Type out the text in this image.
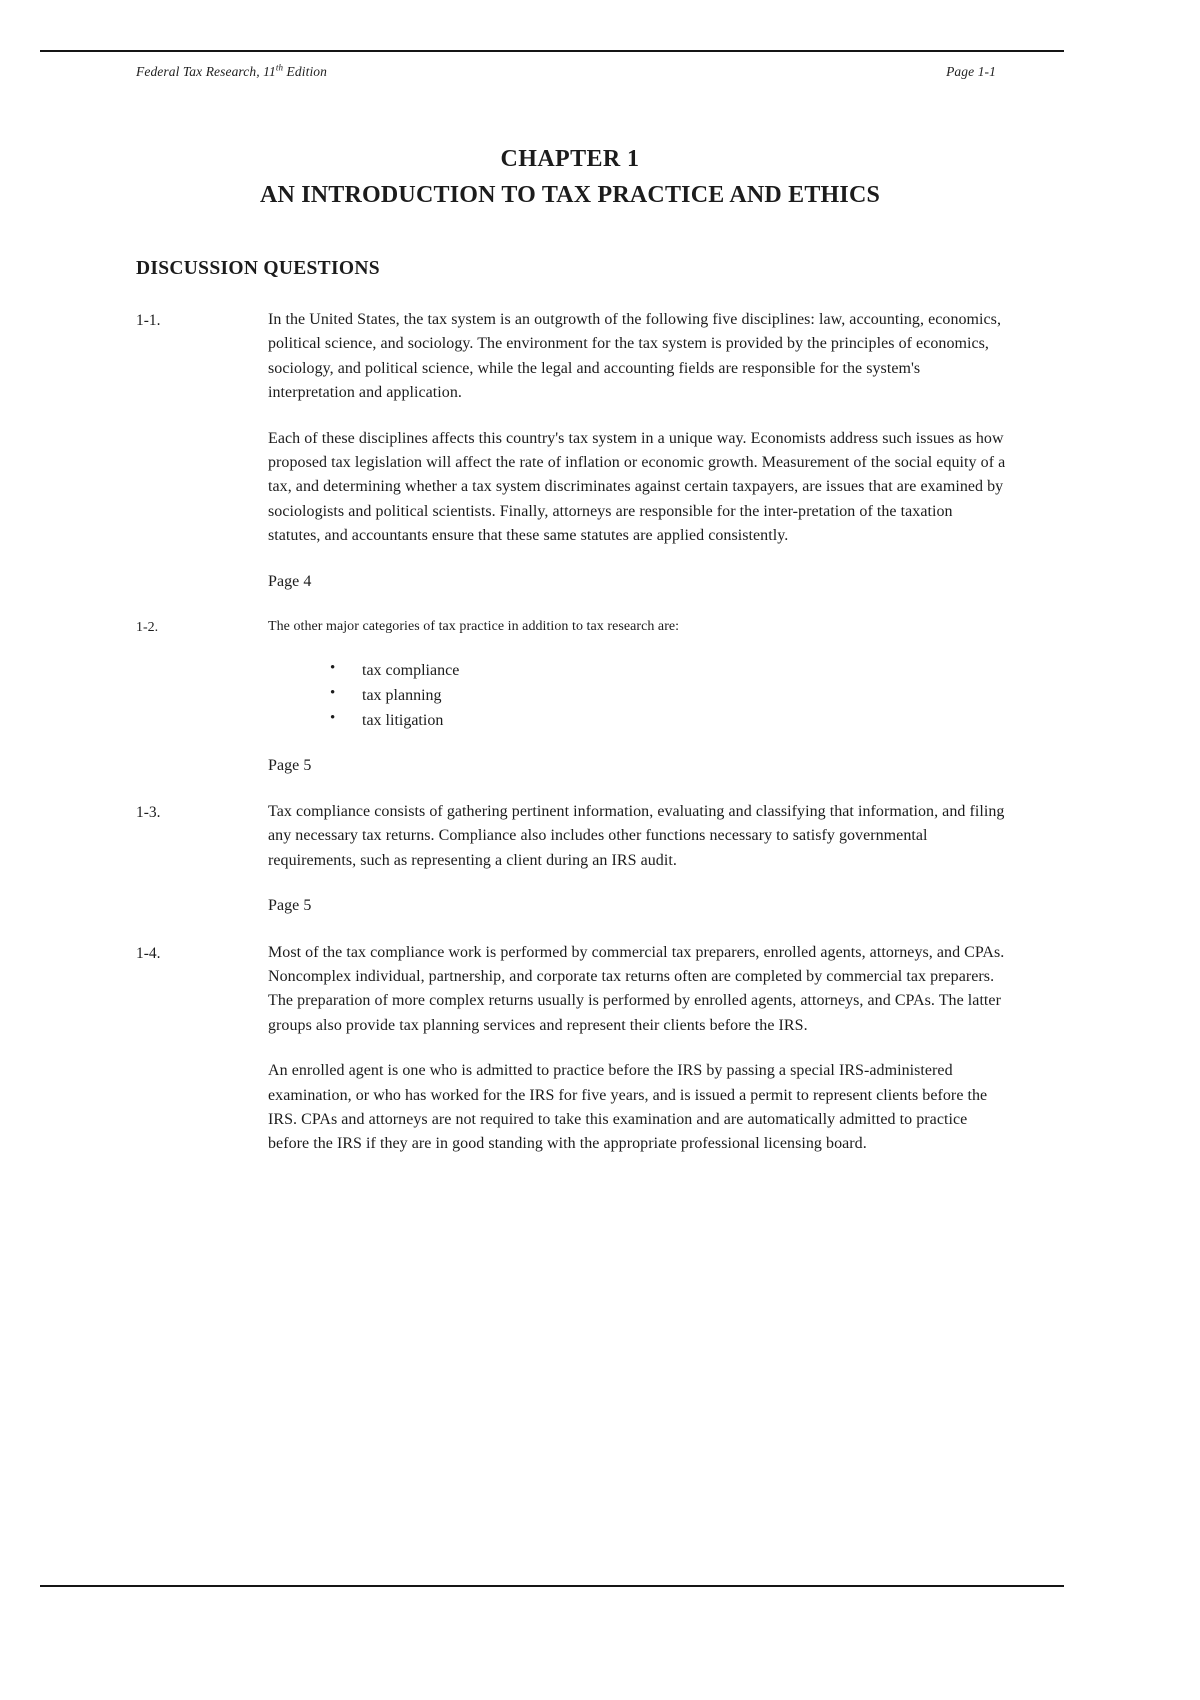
Federal Tax Research, 11th Edition	Page 1-1
CHAPTER 1
AN INTRODUCTION TO TAX PRACTICE AND ETHICS
DISCUSSION QUESTIONS
1-1.	In the United States, the tax system is an outgrowth of the following five disciplines: law, accounting, economics, political science, and sociology. The environment for the tax system is provided by the principles of economics, sociology, and political science, while the legal and accounting fields are responsible for the system's interpretation and application.

Each of these disciplines affects this country's tax system in a unique way. Economists address such issues as how proposed tax legislation will affect the rate of inflation or economic growth. Measurement of the social equity of a tax, and determining whether a tax system discriminates against certain taxpayers, are issues that are examined by sociologists and political scientists. Finally, attorneys are responsible for the inter-pretation of the taxation statutes, and accountants ensure that these same statutes are applied consistently.

Page 4

1-2.	The other major categories of tax practice in addition to tax research are:

• tax compliance
• tax planning
• tax litigation

Page 5

1-3.	Tax compliance consists of gathering pertinent information, evaluating and classifying that information, and filing any necessary tax returns. Compliance also includes other functions necessary to satisfy governmental requirements, such as representing a client during an IRS audit.

Page 5

1-4.	Most of the tax compliance work is performed by commercial tax preparers, enrolled agents, attorneys, and CPAs. Noncomplex individual, partnership, and corporate tax returns often are completed by commercial tax preparers. The preparation of more complex returns usually is performed by enrolled agents, attorneys, and CPAs. The latter groups also provide tax planning services and represent their clients before the IRS.

An enrolled agent is one who is admitted to practice before the IRS by passing a special IRS-administered examination, or who has worked for the IRS for five years, and is issued a permit to represent clients before the IRS. CPAs and attorneys are not required to take this examination and are automatically admitted to practice before the IRS if they are in good standing with the appropriate professional licensing board.
